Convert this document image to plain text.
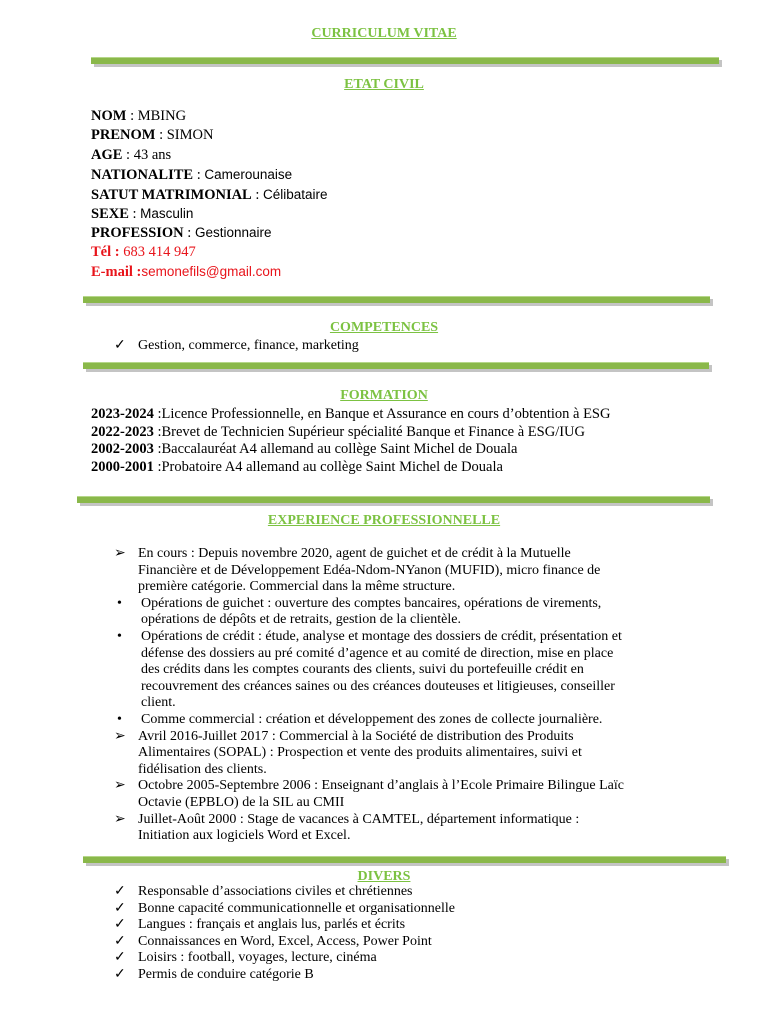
CURRICULUM VITAE
ETAT CIVIL
NOM : MBING
PRENOM : SIMON
AGE : 43 ans
NATIONALITE : Camerounaise
SATUT MATRIMONIAL : Célibataire
SEXE : Masculin
PROFESSION : Gestionnaire
Tél : 683 414 947
E-mail :semonefils@gmail.com
COMPETENCES
✓ Gestion, commerce, finance, marketing
FORMATION
2023-2024 :Licence Professionnelle, en Banque et Assurance en cours d’obtention à ESG
2022-2023 :Brevet de Technicien Supérieur spécialité Banque et Finance à ESG/IUG
2002-2003 :Baccalauréat A4 allemand au collège Saint Michel de Douala
2000-2001 :Probatoire A4 allemand au collège Saint Michel de Douala
EXPERIENCE PROFESSIONNELLE
➢ En cours : Depuis novembre 2020, agent de guichet et de crédit à la Mutuelle
Financière et de Développement Edéa-Ndom-NYanon (MUFID), micro finance de
première catégorie. Commercial dans la même structure.
• Opérations de guichet : ouverture des comptes bancaires, opérations de virements,
opérations de dépôts et de retraits, gestion de la clientèle.
• Opérations de crédit : étude, analyse et montage des dossiers de crédit, présentation et
défense des dossiers au pré comité d’agence et au comité de direction, mise en place
des crédits dans les comptes courants des clients, suivi du portefeuille crédit en
recouvrement des créances saines ou des créances douteuses et litigieuses, conseiller
client.
• Comme commercial : création et développement des zones de collecte journalière.
➢ Avril 2016-Juillet 2017 : Commercial à la Société de distribution des Produits
Alimentaires (SOPAL) : Prospection et vente des produits alimentaires, suivi et
fidélisation des clients.
➢ Octobre 2005-Septembre 2006 : Enseignant d’anglais à l’Ecole Primaire Bilingue Laïc
Octavie (EPBLO) de la SIL au CMII
➢ Juillet-Août 2000 : Stage de vacances à CAMTEL, département informatique :
Initiation aux logiciels Word et Excel.
DIVERS
✓ Responsable d’associations civiles et chrétiennes
✓ Bonne capacité communicationnelle et organisationnelle
✓ Langues : français et anglais lus, parlés et écrits
✓ Connaissances en Word, Excel, Access, Power Point
✓ Loisirs : football, voyages, lecture, cinéma
✓ Permis de conduire catégorie B
